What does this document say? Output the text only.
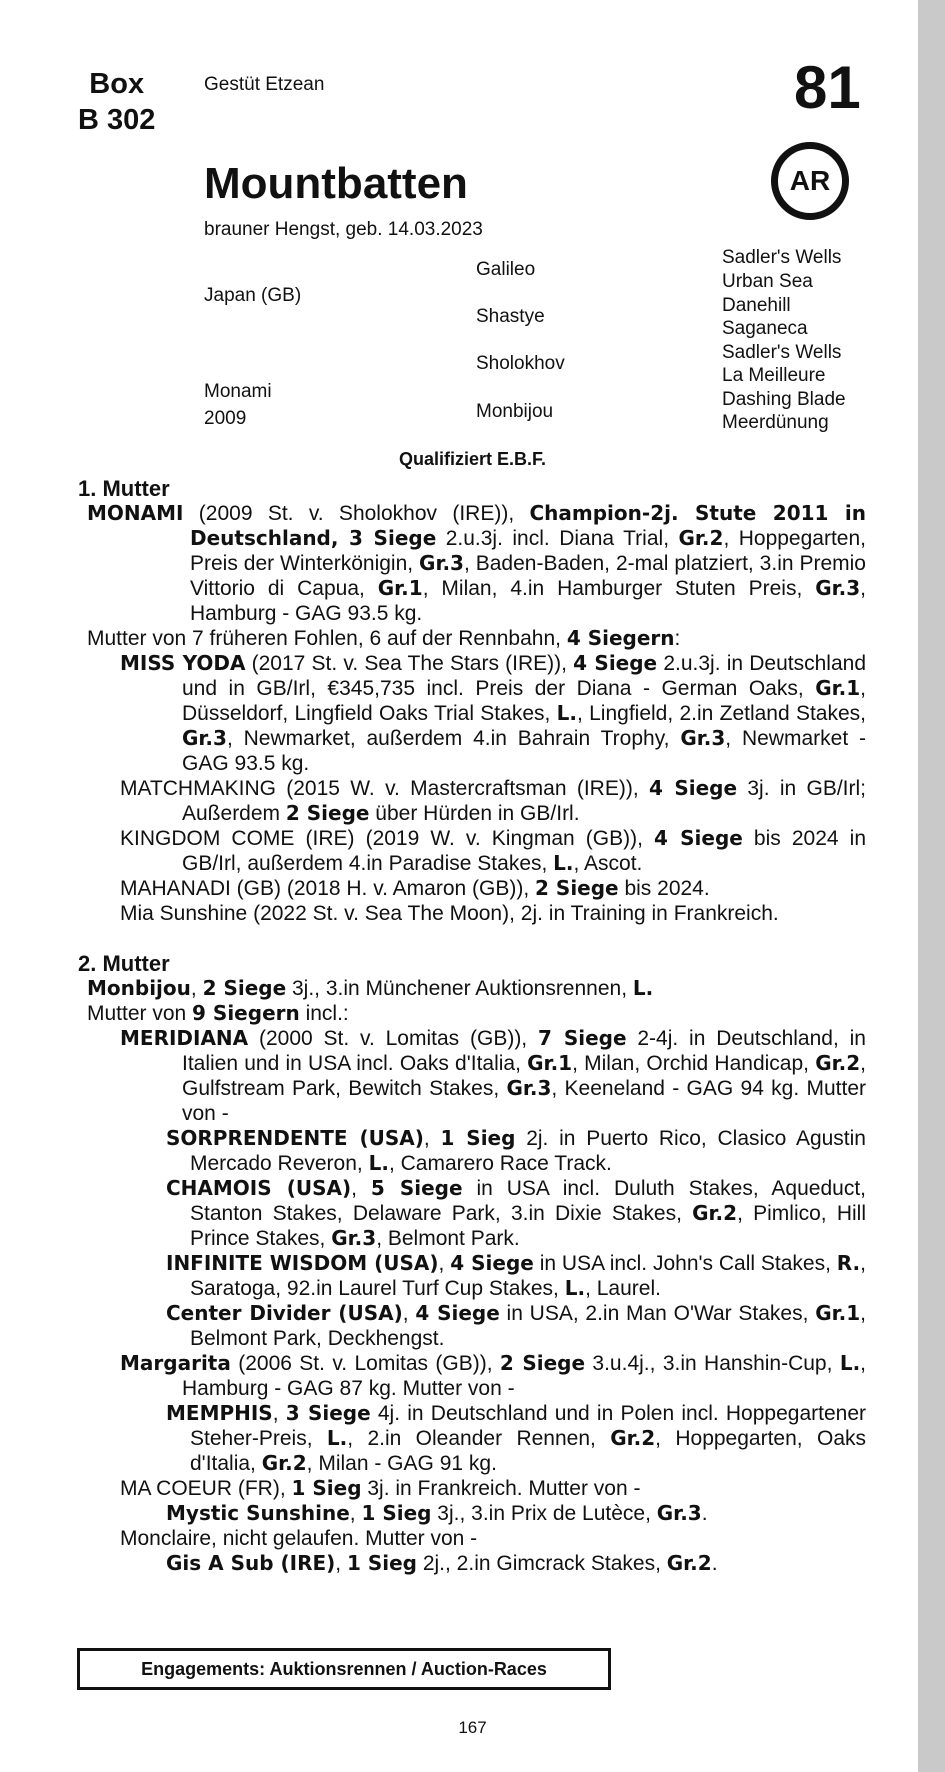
Box
B 302
Gestüt Etzean	81
AR
Mountbatten
brauner Hengst, geb. 14.03.2023
Japan (GB)
Monami
2009
Galileo
Shastye
Sholokhov
Monbijou
Sadler's Wells
Urban Sea
Danehill
Saganeca
Sadler's Wells
La Meilleure
Dashing Blade
Meerdünung
Qualifiziert E.B.F.
1. Mutter

MONAMI (2009 St. v. Sholokhov (IRE)), Champion-2j. Stute 2011 in Deutschland, 3 Siege 2.u.3j. incl. Diana Trial, Gr.2, Hoppegarten, Preis der Winterkönigin, Gr.3, Baden-Baden, 2-mal platziert, 3.in Premio Vittorio di Capua, Gr.1, Milan, 4.in Hamburger Stuten Preis, Gr.3, Hamburg - GAG 93.5 kg.

Mutter von 7 früheren Fohlen, 6 auf der Rennbahn, 4 Siegern:

MISS YODA (2017 St. v. Sea The Stars (IRE)), 4 Siege 2.u.3j. in Deutschland und in GB/Irl, €345,735 incl. Preis der Diana - German Oaks, Gr.1, Düsseldorf, Lingfield Oaks Trial Stakes, L., Lingfield, 2.in Zetland Stakes, Gr.3, Newmarket, außerdem 4.in Bahrain Trophy, Gr.3, Newmarket - GAG 93.5 kg.

MATCHMAKING (2015 W. v. Mastercraftsman (IRE)), 4 Siege 3j. in GB/Irl; Außerdem 2 Siege über Hürden in GB/Irl.

KINGDOM COME (IRE) (2019 W. v. Kingman (GB)), 4 Siege bis 2024 in GB/Irl, außerdem 4.in Paradise Stakes, L., Ascot.

MAHANADI (GB) (2018 H. v. Amaron (GB)), 2 Siege bis 2024.

Mia Sunshine (2022 St. v. Sea The Moon), 2j. in Training in Frankreich.

2. Mutter

Monbijou, 2 Siege 3j., 3.in Münchener Auktionsrennen, L.

Mutter von 9 Siegern incl.:

MERIDIANA (2000 St. v. Lomitas (GB)), 7 Siege 2-4j. in Deutschland, in Italien und in USA incl. Oaks d'Italia, Gr.1, Milan, Orchid Handicap, Gr.2, Gulfstream Park, Bewitch Stakes, Gr.3, Keeneland - GAG 94 kg. Mutter von -

SORPRENDENTE (USA), 1 Sieg 2j. in Puerto Rico, Clasico Agustin Mercado Reveron, L., Camarero Race Track.

CHAMOIS (USA), 5 Siege in USA incl. Duluth Stakes, Aqueduct, Stanton Stakes, Delaware Park, 3.in Dixie Stakes, Gr.2, Pimlico, Hill Prince Stakes, Gr.3, Belmont Park.

INFINITE WISDOM (USA), 4 Siege in USA incl. John's Call Stakes, R., Saratoga, 92.in Laurel Turf Cup Stakes, L., Laurel.

Center Divider (USA), 4 Siege in USA, 2.in Man O'War Stakes, Gr.1, Belmont Park, Deckhengst.

Margarita (2006 St. v. Lomitas (GB)), 2 Siege 3.u.4j., 3.in Hanshin-Cup, L., Hamburg - GAG 87 kg. Mutter von -

MEMPHIS, 3 Siege 4j. in Deutschland und in Polen incl. Hoppegartener Steher-Preis, L., 2.in Oleander Rennen, Gr.2, Hoppegarten, Oaks d'Italia, Gr.2, Milan - GAG 91 kg.

MA COEUR (FR), 1 Sieg 3j. in Frankreich. Mutter von -

Mystic Sunshine, 1 Sieg 3j., 3.in Prix de Lutèce, Gr.3.

Monclaire, nicht gelaufen. Mutter von -

Gis A Sub (IRE), 1 Sieg 2j., 2.in Gimcrack Stakes, Gr.2.

Engagements: Auktionsrennen / Auction-Races
167
